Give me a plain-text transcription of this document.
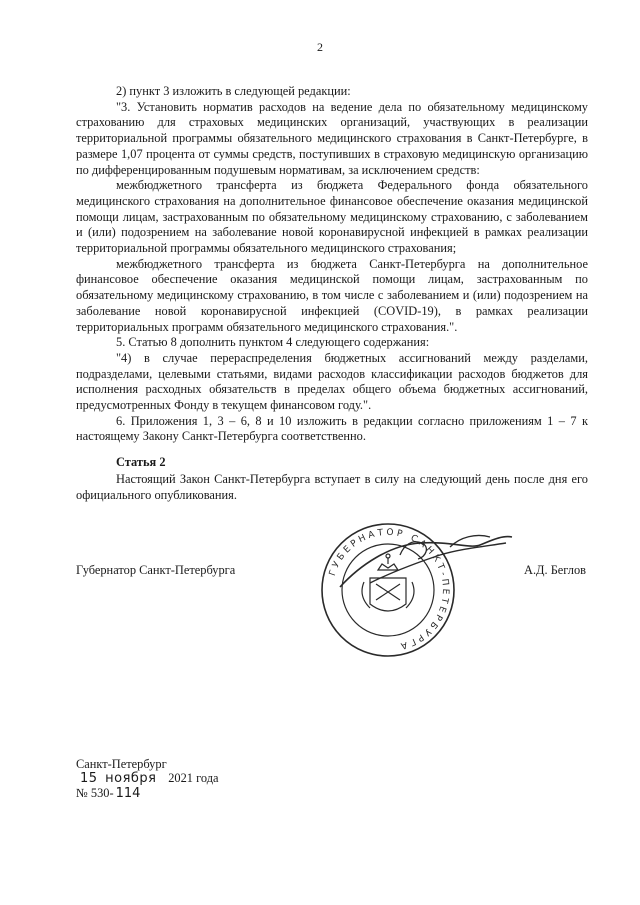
2

2) пункт 3 изложить в следующей редакции:

"3. Установить норматив расходов на ведение дела по обязательному медицинскому страхованию для страховых медицинских организаций, участвующих в реализации территориальной программы обязательного медицинского страхования в Санкт-Петербурге, в размере 1,07 процента от суммы средств, поступивших в страховую медицинскую организацию по дифференцированным подушевым нормативам, за исключением средств:

межбюджетного трансферта из бюджета Федерального фонда обязательного медицинского страхования на дополнительное финансовое обеспечение оказания медицинской помощи лицам, застрахованным по обязательному медицинскому страхованию, с заболеванием и (или) подозрением на заболевание новой коронавирусной инфекцией в рамках реализации территориальной программы обязательного медицинского страхования;

межбюджетного трансферта из бюджета Санкт-Петербурга на дополнительное финансовое обеспечение оказания медицинской помощи лицам, застрахованным по обязательному медицинскому страхованию, в том числе с заболеванием и (или) подозрением на заболевание новой коронавирусной инфекцией (COVID-19), в рамках реализации территориальных программ обязательного медицинского страхования.".

5. Статью 8 дополнить пунктом 4 следующего содержания:

"4) в случае перераспределения бюджетных ассигнований между разделами, подразделами, целевыми статьями, видами расходов классификации расходов бюджетов для исполнения расходных обязательств в пределах общего объема бюджетных ассигнований, предусмотренных Фонду в текущем финансовом году.".

6. Приложения 1, 3 – 6, 8 и 10 изложить в редакции согласно приложениям 1 – 7 к настоящему Закону Санкт-Петербурга соответственно.

Статья 2

Настоящий Закон Санкт-Петербурга вступает в силу на следующий день после дня его официального опубликования.

Губернатор Санкт-Петербурга	ГУБЕРНАТОР САНКТ-ПЕТЕРБУРГА
А.Д. Беглов
Санкт-Петербург
15 ноября 2021 года
№ 530- 114
